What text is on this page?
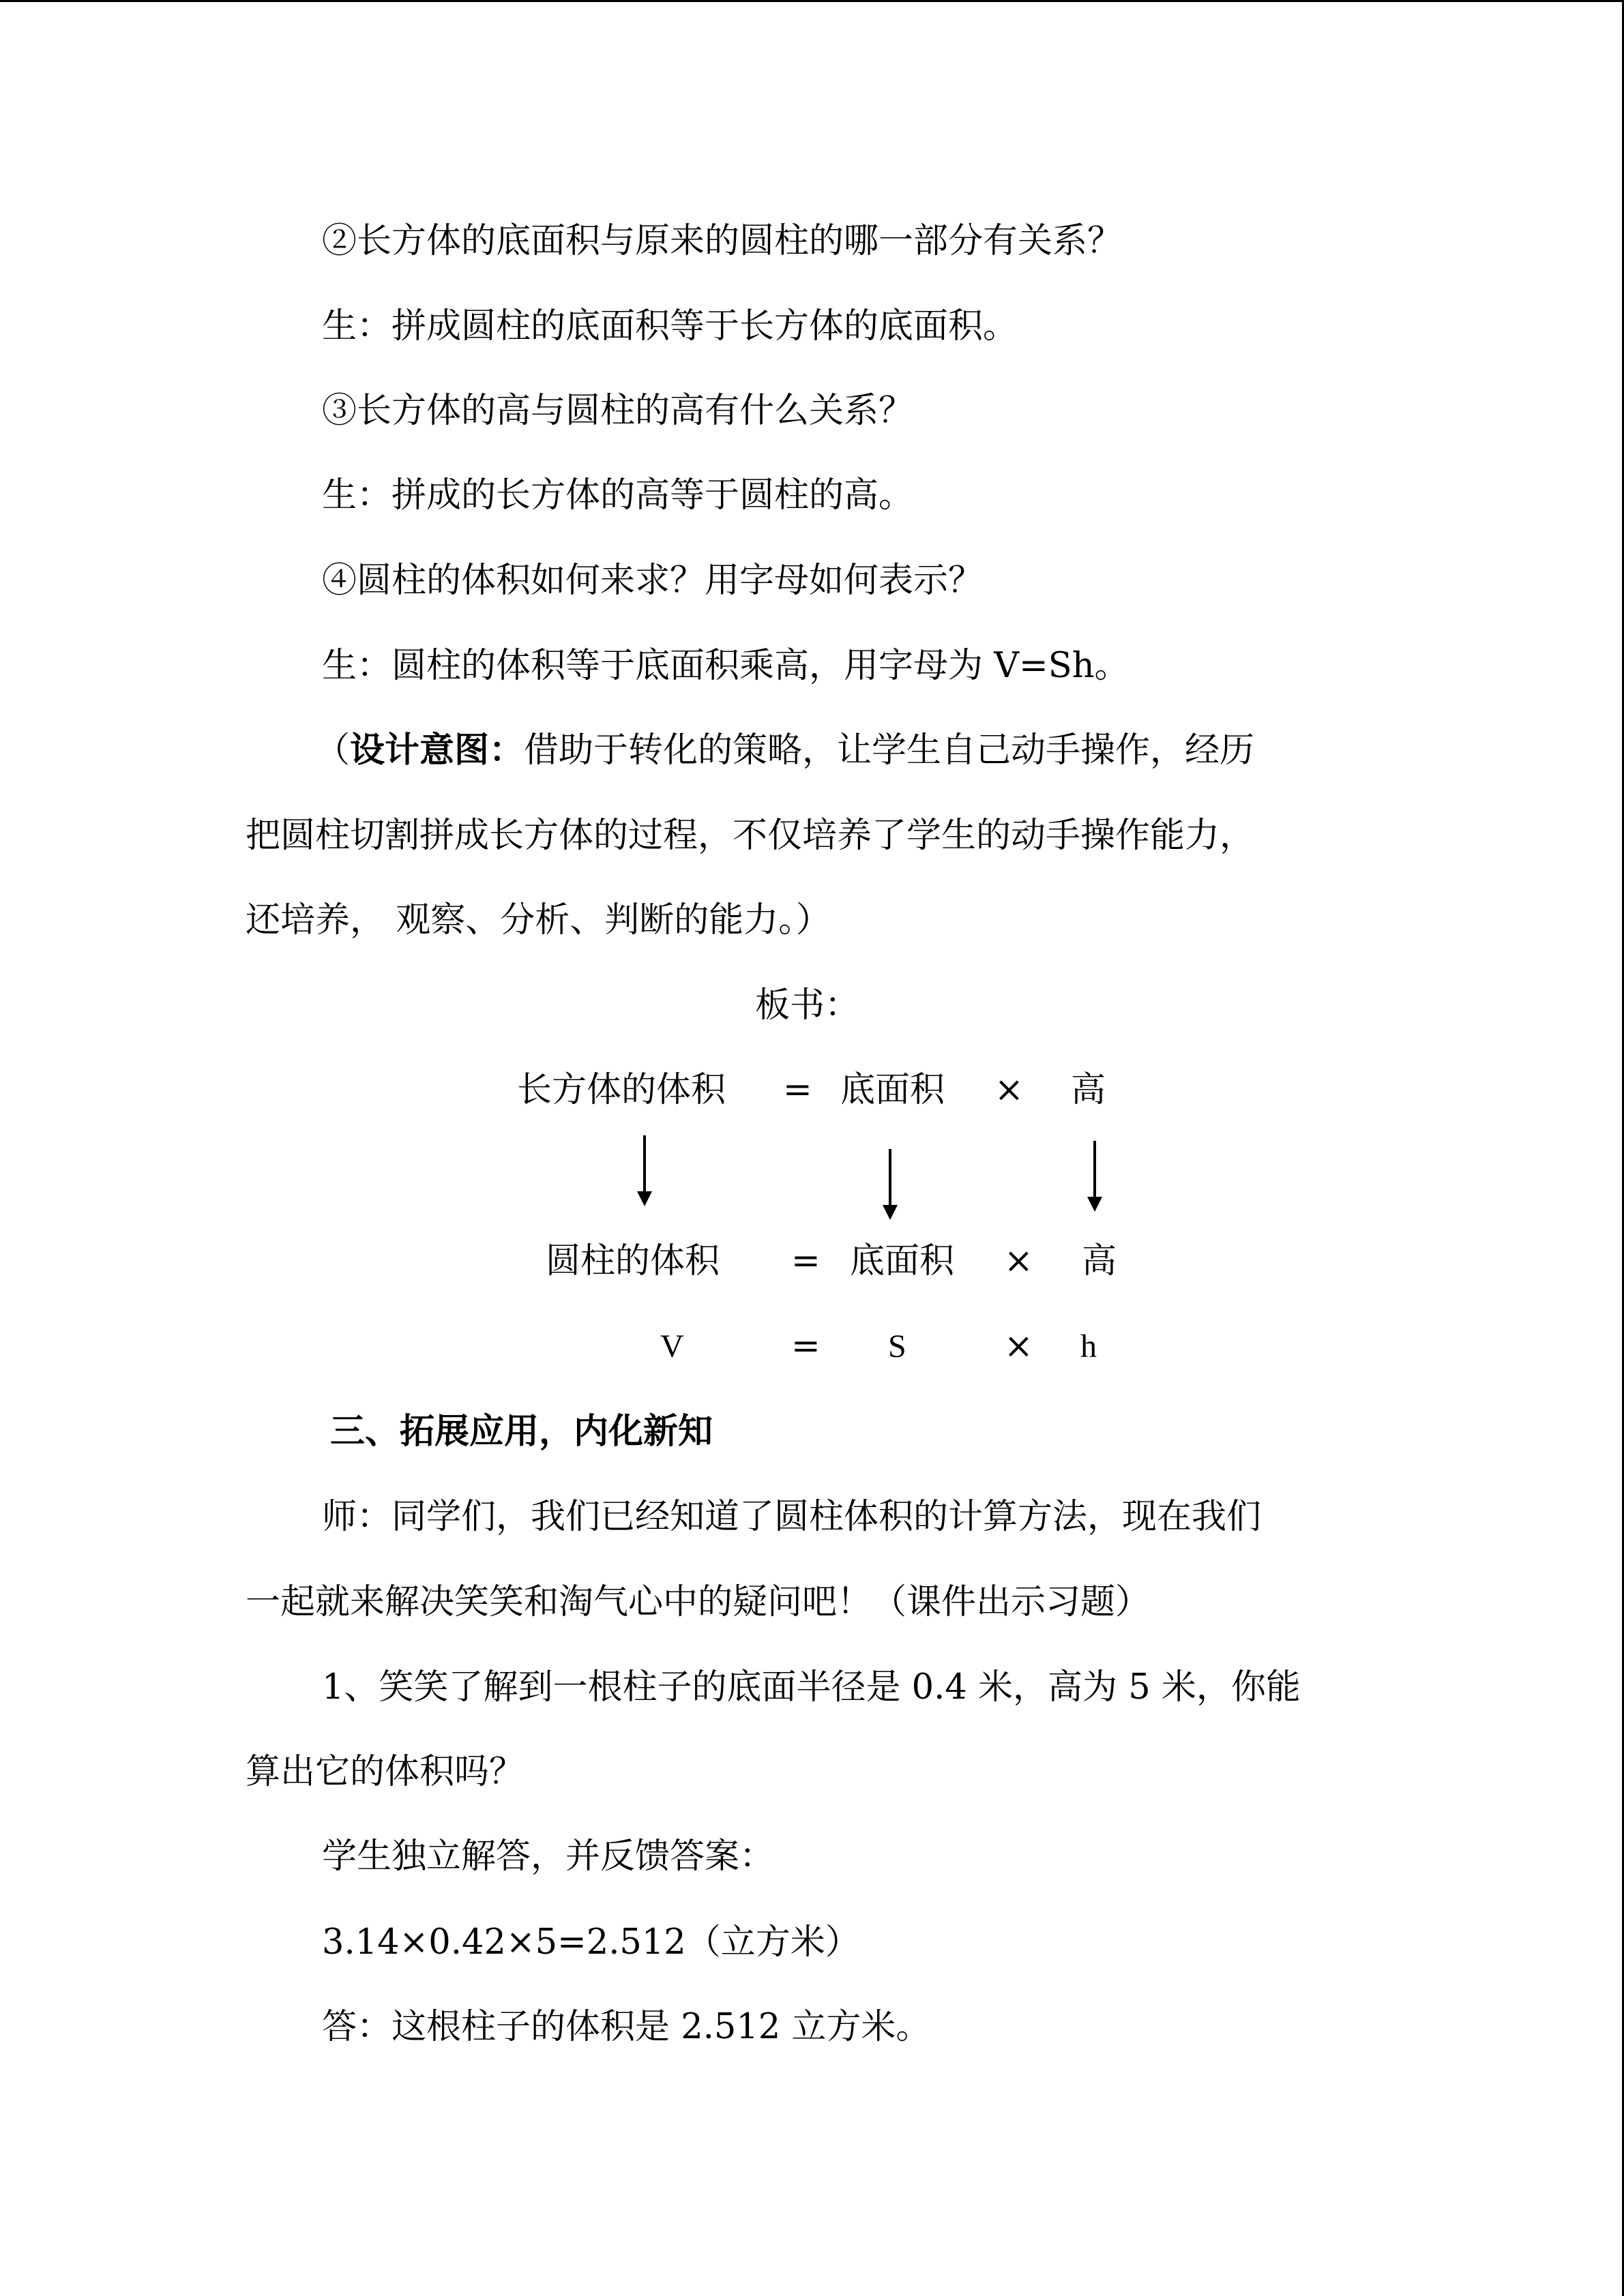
②长方体的底面积与原来的圆柱的哪一部分有关系？
生：拼成圆柱的底面积等于长方体的底面积。
③长方体的高与圆柱的高有什么关系？
生：拼成的长方体的高等于圆柱的高。
④圆柱的体积如何来求？用字母如何表示？
生：圆柱的体积等于底面积乘高，用字母为 V=Sh。
（设计意图：借助于转化的策略，让学生自己动手操作，经历
把圆柱切割拼成长方体的过程，不仅培养了学生的动手操作能力，
还培养， 观察、分析、判断的能力。）
板书：
长方体的体积 = 底面积 × 高
圆柱的体积 = 底面积 × 高
V	= S	× h
三、拓展应用，内化新知
师：同学们，我们已经知道了圆柱体积的计算方法，现在我们
一起就来解决笑笑和淘气心中的疑问吧！（课件出示习题）
1、笑笑了解到一根柱子的底面半径是 0.4 米，高为 5 米，你能
算出它的体积吗？
学生独立解答，并反馈答案：
3.14×0.42×5=2.512（立方米）
答：这根柱子的体积是 2.512 立方米。
